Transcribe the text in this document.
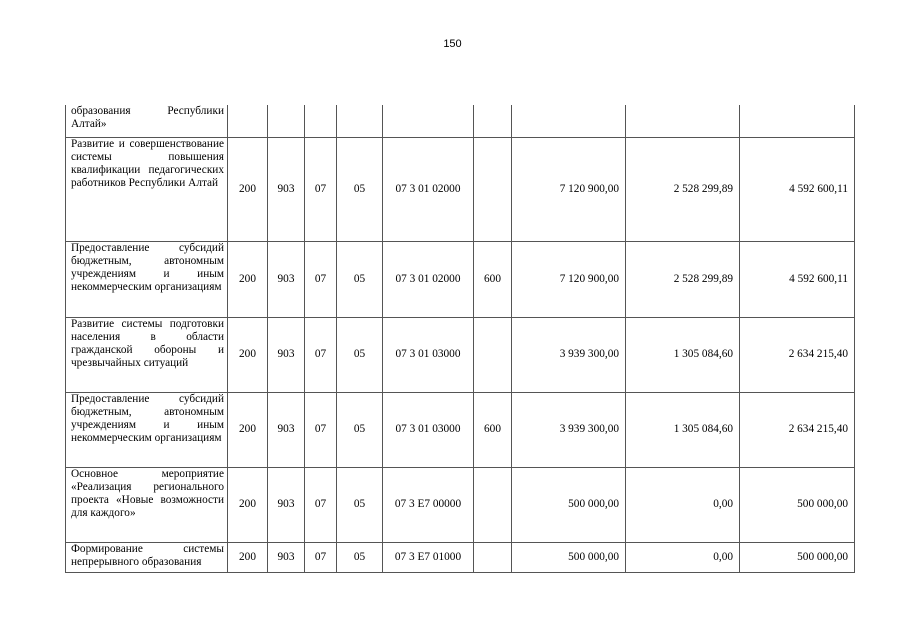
150
образования Республики Алтай»									
Развитие и совершенствование системы повышения квалификации педагогических работников Республики Алтай	200	903	07	05	07 3 01 02000		7 120 900,00	2 528 299,89	4 592 600,11
Предоставление субсидий бюджетным, автономным учреждениям и иным некоммерческим организациям	200	903	07	05	07 3 01 02000	600	7 120 900,00	2 528 299,89	4 592 600,11
Развитие системы подготовки населения в области гражданской обороны и чрезвычайных ситуаций	200	903	07	05	07 3 01 03000		3 939 300,00	1 305 084,60	2 634 215,40
Предоставление субсидий бюджетным, автономным учреждениям и иным некоммерческим организациям	200	903	07	05	07 3 01 03000	600	3 939 300,00	1 305 084,60	2 634 215,40
Основное мероприятие «Реализация регионального проекта «Новые возможности для каждого»	200	903	07	05	07 3 E7 00000		500 000,00	0,00	500 000,00
Формирование системы непрерывного образования	200	903	07	05	07 3 E7 01000		500 000,00	0,00	500 000,00
